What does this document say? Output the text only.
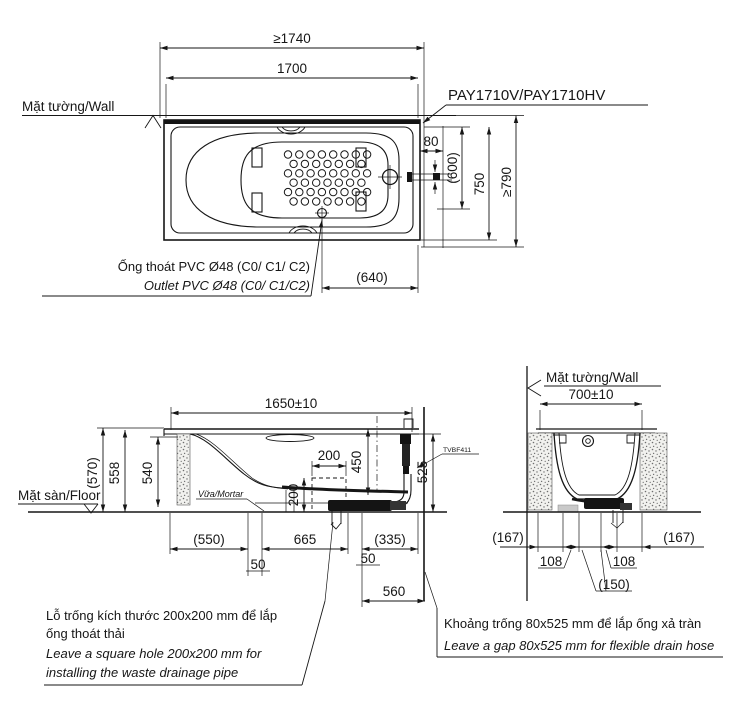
Mặt tường/Wall
≥1740
1700
PAY1710V/PAY1710HV
80
(600)
750 ≥790
(640)
Ống thoát PVC Ø48 (C0/ C1/ C2)
Outlet PVC Ø48 (C0/ C1/C2)
1650±10
200
200
450	525
TVBF411
(570) 558 540
Mặt sàn/Floor	Vữa/Mortar
(550)	665	(335)
50	50
560
Mặt tường/Wall
700±10
(167)	(167)
108	108
(150)
Lỗ trống kích thước 200x200 mm để lắp
ống thoát thải
Leave a square hole 200x200 mm for
installing the waste drainage pipe
Khoảng trống 80x525 mm để lắp ống xả tràn
Leave a gap 80x525 mm for flexible drain hose
